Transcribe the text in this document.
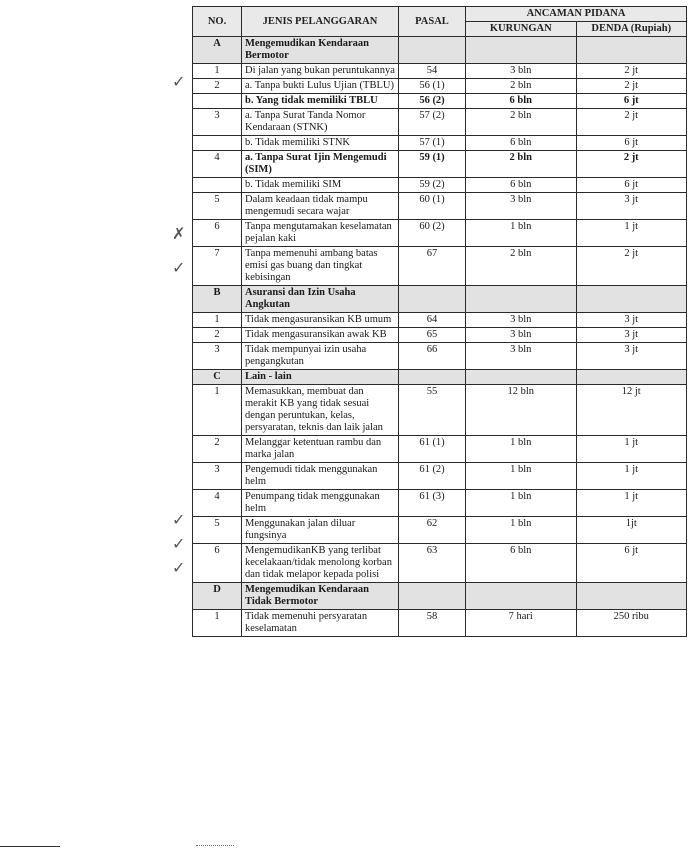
NO.	JENIS PELANGGARAN	PASAL	ANCAMAN PIDANA	
			KURUNGAN	DENDA (Rupiah)
A	Mengemudikan Kendaraan Bermotor			
1	Di jalan yang bukan peruntukannya	54	3 bln	2 jt
2	a. Tanpa bukti Lulus Ujian (TBLU)	56 (1)	2 bln	2 jt
	b. Yang tidak memiliki TBLU	56 (2)	6 bln	6 jt
3	a. Tanpa Surat Tanda Nomor Kendaraan (STNK)	57 (2)	2 bln	2 jt
	b. Tidak memiliki STNK	57 (1)	6 bln	6 jt
4	a. Tanpa Surat Ijin Mengemudi (SIM)	59 (1)	2 bln	2 jt
	b. Tidak memiliki SIM	59 (2)	6 bln	6 jt
5	Dalam keadaan tidak mampu mengemudi secara wajar	60 (1)	3 bln	3 jt
6	Tanpa mengutamakan keselamatan pejalan kaki	60 (2)	1 bln	1 jt
7	Tanpa memenuhi ambang batas emisi gas buang dan tingkat kebisingan	67	2 bln	2 jt
B	Asuransi dan Izin Usaha Angkutan			
1	Tidak mengasuransikan KB umum	64	3 bln	3 jt
2	Tidak mengasuransikan awak KB	65	3 bln	3 jt
3	Tidak mempunyai izin usaha pengangkutan	66	3 bln	3 jt
C	Lain - lain			
1	Memasukkan, membuat dan merakit KB yang tidak sesuai dengan peruntukan, kelas, persyaratan, teknis dan laik jalan	55	12 bln	12 jt
2	Melanggar ketentuan rambu dan marka jalan	61 (1)	1 bln	1 jt
3	Pengemudi tidak menggunakan helm	61 (2)	1 bln	1 jt
4	Penumpang tidak menggunakan helm	61 (3)	1 bln	1 jt
5	Menggunakan jalan diluar fungsinya	62	1 bln	1jt
6	MengemudikanKB yang terlibat kecelakaan/tidak menolong korban dan tidak melapor kepada polisi	63	6 bln	6 jt
D	Mengemudikan Kendaraan Tidak Bermotor			
1	Tidak memenuhi persyaratan keselamatan	58	7 hari	250 ribu
✓
✗
✓
✓
✓
✓
